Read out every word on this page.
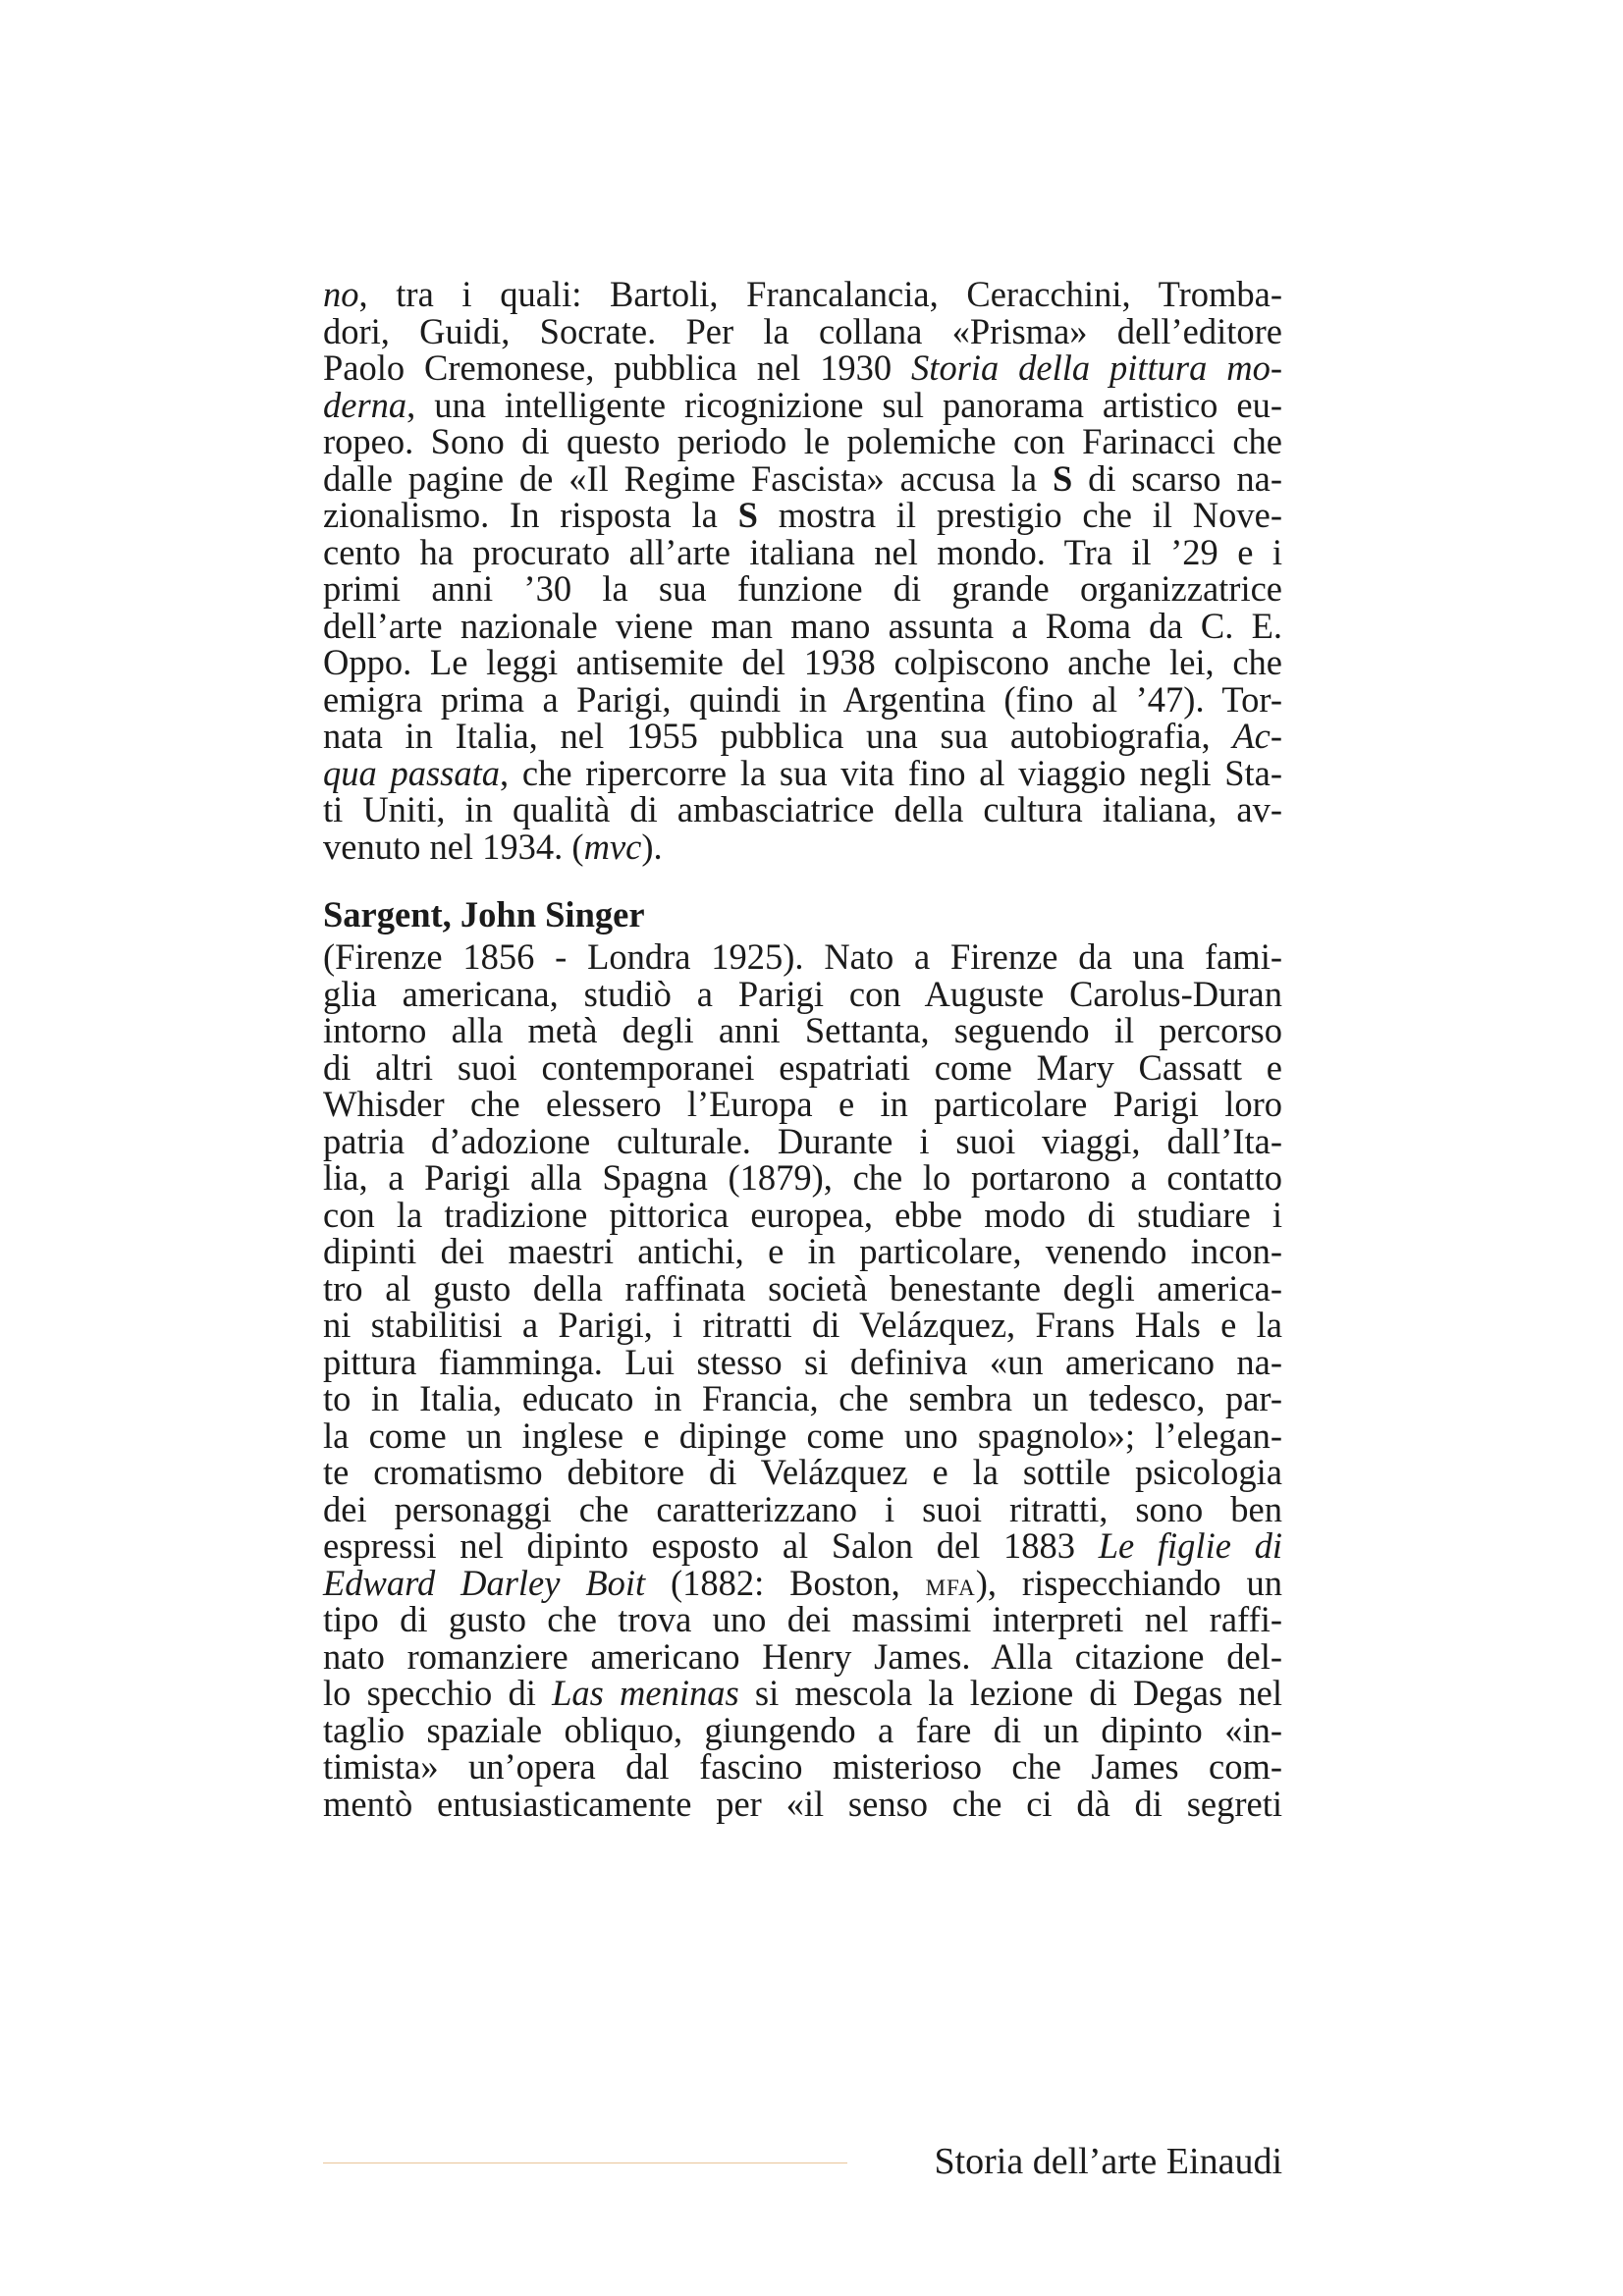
no, tra i quali: Bartoli, Francalancia, Ceracchini, Tromba-
dori, Guidi, Socrate. Per la collana «Prisma» dell’editore
Paolo Cremonese, pubblica nel 1930 Storia della pittura mo-
derna, una intelligente ricognizione sul panorama artistico eu-
ropeo. Sono di questo periodo le polemiche con Farinacci che
dalle pagine de «Il Regime Fascista» accusa la S di scarso na-
zionalismo. In risposta la S mostra il prestigio che il Nove-
cento ha procurato all’arte italiana nel mondo. Tra il ’29 e i
primi anni ’30 la sua funzione di grande organizzatrice
dell’arte nazionale viene man mano assunta a Roma da C. E.
Oppo. Le leggi antisemite del 1938 colpiscono anche lei, che
emigra prima a Parigi, quindi in Argentina (fino al ’47). Tor-
nata in Italia, nel 1955 pubblica una sua autobiografia, Ac-
qua passata, che ripercorre la sua vita fino al viaggio negli Sta-
ti Uniti, in qualità di ambasciatrice della cultura italiana, av-
venuto nel 1934. (mvc).
Sargent, John Singer
(Firenze 1856 - Londra 1925). Nato a Firenze da una fami-
glia americana, studiò a Parigi con Auguste Carolus-Duran
intorno alla metà degli anni Settanta, seguendo il percorso
di altri suoi contemporanei espatriati come Mary Cassatt e
Whisder che elessero l’Europa e in particolare Parigi loro
patria d’adozione culturale. Durante i suoi viaggi, dall’Ita-
lia, a Parigi alla Spagna (1879), che lo portarono a contatto
con la tradizione pittorica europea, ebbe modo di studiare i
dipinti dei maestri antichi, e in particolare, venendo incon-
tro al gusto della raffinata società benestante degli america-
ni stabilitisi a Parigi, i ritratti di Velázquez, Frans Hals e la
pittura fiamminga. Lui stesso si definiva «un americano na-
to in Italia, educato in Francia, che sembra un tedesco, par-
la come un inglese e dipinge come uno spagnolo»; l’elegan-
te cromatismo debitore di Velázquez e la sottile psicologia
dei personaggi che caratterizzano i suoi ritratti, sono ben
espressi nel dipinto esposto al Salon del 1883 Le figlie di
Edward Darley Boit (1882: Boston, mfa), rispecchiando un
tipo di gusto che trova uno dei massimi interpreti nel raffi-
nato romanziere americano Henry James. Alla citazione del-
lo specchio di Las meninas si mescola la lezione di Degas nel
taglio spaziale obliquo, giungendo a fare di un dipinto «in-
timista» un’opera dal fascino misterioso che James com-
mentò entusiasticamente per «il senso che ci dà di segreti
Storia dell’arte Einaudi
